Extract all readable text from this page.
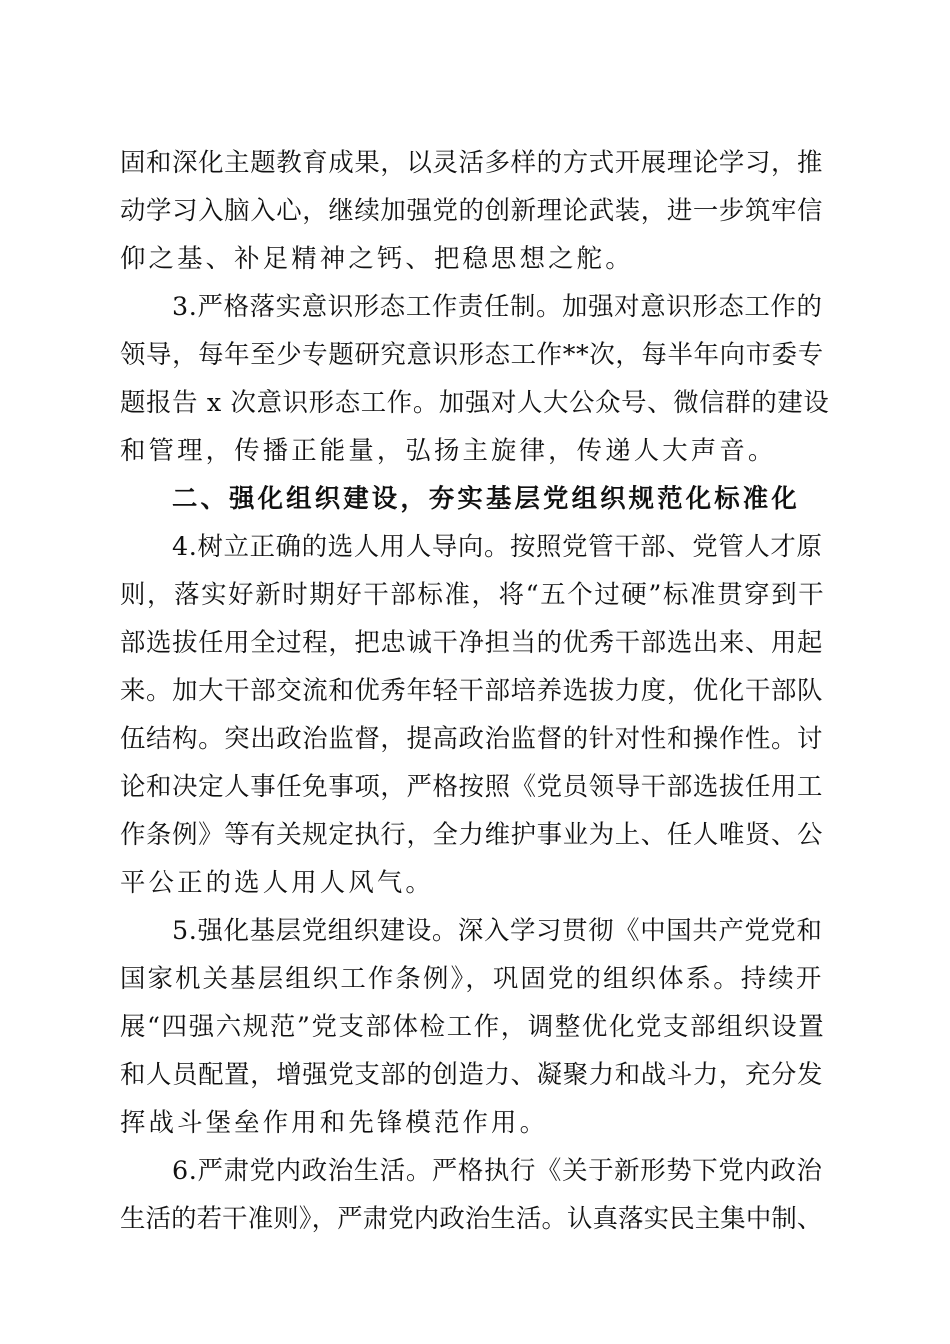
固和深化主题教育成果，以灵活多样的方式开展理论学习，推
动学习入脑入心，继续加强党的创新理论武装，进一步筑牢信
仰之基、补足精神之钙、把稳思想之舵。
3.严格落实意识形态工作责任制。加强对意识形态工作的
领导，每年至少专题研究意识形态工作**次，每半年向市委专
题报告 x 次意识形态工作。加强对人大公众号、微信群的建设
和管理，传播正能量，弘扬主旋律，传递人大声音。
二、强化组织建设，夯实基层党组织规范化标准化
4.树立正确的选人用人导向。按照党管干部、党管人才原
则，落实好新时期好干部标准，将“五个过硬”标准贯穿到干
部选拔任用全过程，把忠诚干净担当的优秀干部选出来、用起
来。加大干部交流和优秀年轻干部培养选拔力度，优化干部队
伍结构。突出政治监督，提高政治监督的针对性和操作性。讨
论和决定人事任免事项，严格按照《党员领导干部选拔任用工
作条例》等有关规定执行，全力维护事业为上、任人唯贤、公
平公正的选人用人风气。
5.强化基层党组织建设。深入学习贯彻《中国共产党党和
国家机关基层组织工作条例》，巩固党的组织体系。持续开
展“四强六规范”党支部体检工作，调整优化党支部组织设置
和人员配置，增强党支部的创造力、凝聚力和战斗力，充分发
挥战斗堡垒作用和先锋模范作用。
6.严肃党内政治生活。严格执行《关于新形势下党内政治
生活的若干准则》，严肃党内政治生活。认真落实民主集中制、
